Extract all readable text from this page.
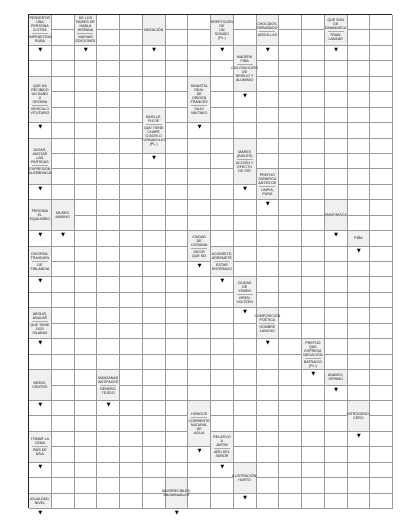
PERVERTIR UNA
PERSONA A OTRA
EMPENETRAZ
RUBA
▼
DE LOS PAÍSES DE
HABLA HISPANA
NUEVAS
EDICIONES
▼
NEGACIÓN
▼
REPETICIÓN DE
UN SONIDO (PL.)
▼
CHOCIDOS,
REBAÑADO
ARGOLLAS
▼
QUE SON DE
DINAMARCA
TRAW. LANZAR
▼
MADERA FINA
CICLOSILICATO DE
BERILIO Y
ALUMINIO
▼
QUE HA RECIBIDO
UN DAÑO U
OFENSA
VEHÍCULO
VITUTARIO
▼
DINASTÍA REAL
DE ORIGEN
FRANCÉS
SAJO
VAKTAKO
▼
MUELLE, FLEJE
QUE TIENE CHAPE
O BOIS O
TORNAVOLES (PL.)
▼
DATAR, ANOTAR
LAS PARTIDAS
EXPRESIÓN
ALGEBRAICA
▼
MARES (INGLÉS)
ACCIÓN Y
EFECTO DE OÍR
▼
PREFIJO SIGNIFICA
ANTES DE
LIMPIA, PURA
▼
PERGIMA EL
EQUILIBRIO
▼
MUSEO MARINO
▼
AMMONÍACA
▼
CIUDAD DE
UCRANIA
DECIR QUE NO
▼
PIÑA
▼
DIVORDA,
TRAIGUEN
DE FINLANDIA
▼
ACONSETE,
ARREMETE
ESTAR
ENTERADO
▼	CIUDAD DE
YEMEN
VIREN, VOLTEEN
▼
ABOLIR, ANULAR
QUE TIENE DOS
SÍLABAS
▼
COMPOSICIÓN
POÉTICA
HOMBRE
LANCHO
▼	PREFIJO QUE
EXPRESA
NEGACIÓN
BATRACIO (PL.)
▼
MEDIO,
CENTRO
▼
MANZANAS
ANTIFACES
GÉNERO, TEJIDO
▼
ANAVEO, OPRIMO
▼
HONGOS
CORRIENTE
NATURAL DE
AGUA
▼
NITRÓGENO,
CERO
▼
TOMAR LA CENA
PAÍS DE ASIA
▼
RELATIVO A
JAPÓN
AÑO DEL SEÑOR
▼
ILUSTRACIÓN,
HURTO
▼
IGUALDAD,
NIVEL
▼
ABORRECIBLES,
ABOMINABLES
▼
